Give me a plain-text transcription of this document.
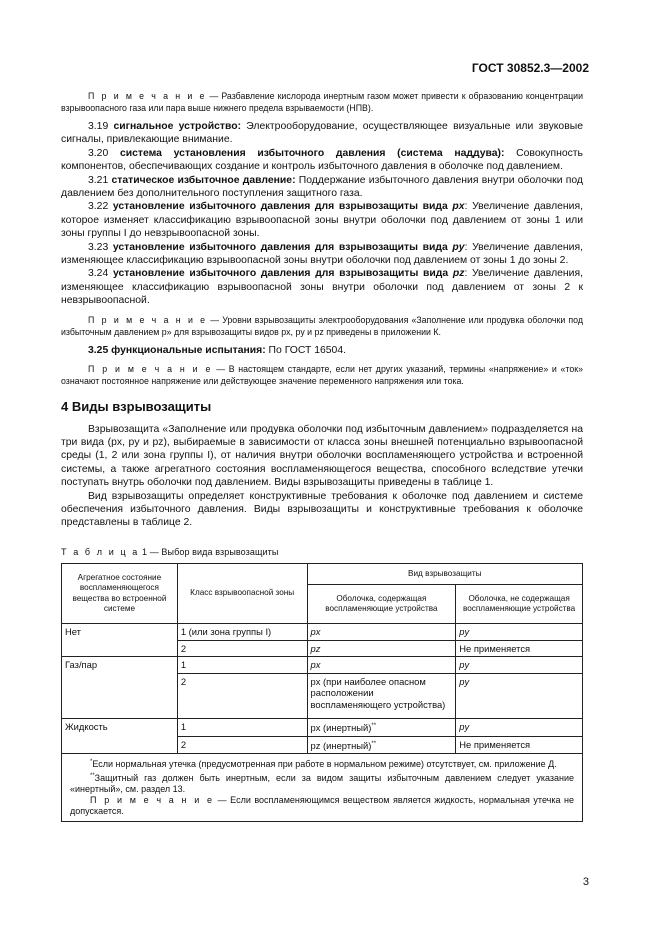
ГОСТ 30852.3—2002

П р и м е ч а н и е — Разбавление кислорода инертным газом может привести к образованию концентрации взрывоопасного газа или пара выше нижнего предела взрываемости (НПВ).

3.19 сигнальное устройство: Электрооборудование, осуществляющее визуальные или звуковые сигналы, привлекающие внимание.

3.20 система установления избыточного давления (система наддува): Совокупность компонентов, обеспечивающих создание и контроль избыточного давления в оболочке под давлением.

3.21 статическое избыточное давление: Поддержание избыточного давления внутри оболочки под давлением без дополнительного поступления защитного газа.

3.22 установление избыточного давления для взрывозащиты вида px: Увеличение давления, которое изменяет классификацию взрывоопасной зоны внутри оболочки под давлением от зоны 1 или зоны группы I до невзрывоопасной зоны.

3.23 установление избыточного давления для взрывозащиты вида py: Увеличение давления, изменяющее классификацию взрывоопасной зоны внутри оболочки под давлением от зоны 1 до зоны 2.

3.24 установление избыточного давления для взрывозащиты вида pz: Увеличение давления, изменяющее классификацию взрывоопасной зоны внутри оболочки под давлением от зоны 2 к невзрывоопасной.

П р и м е ч а н и е — Уровни взрывозащиты электрооборудования «Заполнение или продувка оболочки под избыточным давлением р» для взрывозащиты видов px, py и pz приведены в приложении К.

3.25 функциональные испытания: По ГОСТ 16504.

П р и м е ч а н и е — В настоящем стандарте, если нет других указаний, термины «напряжение» и «ток» означают постоянное напряжение или действующее значение переменного напряжения или тока.

4 Виды взрывозащиты

Взрывозащита «Заполнение или продувка оболочки под избыточным давлением» подразделяется на три вида (px, py и pz), выбираемые в зависимости от класса зоны внешней потенциально взрывоопасной среды (1, 2 или зона группы I), от наличия внутри оболочки воспламеняющего устройства и встроенной системы, а также агрегатного состояния воспламеняющегося вещества, способного вследствие утечки поступать внутрь оболочки под давлением. Виды взрывозащиты приведены в таблице 1.

Вид взрывозащиты определяет конструктивные требования к оболочке под давлением и системе обеспечения избыточного давления. Виды взрывозащиты и конструктивные требования к оболочке представлены в таблице 2.

Т а б л и ц а 1 — Выбор вида взрывозащиты
Агрегатное состояние воспламеняющегося вещества во встроенной системе	Класс взрывоопасной зоны	Вид взрывозащиты	
		Оболочка, содержащая воспламеняющие устройства	Оболочка, не содержащая воспламеняющие устройства
Нет	1 (или зона группы I)	px	py
	2	pz	Не применяется
Газ/пар	1	px	py
	2	px (при наиболее опасном расположении воспламеняющего устройства)	py
Жидкость	1	px (инертный)**	py
	2	pz (инертный)**	Не применяется

*Если нормальная утечка (предусмотренная при работе в нормальном режиме) отсутствует, см. приложение Д.
**Защитный газ должен быть инертным, если за видом защиты избыточным давлением следует указание «инертный», см. раздел 13.
П р и м е ч а н и е — Если воспламеняющимся веществом является жидкость, нормальная утечка не допускается.			
3
